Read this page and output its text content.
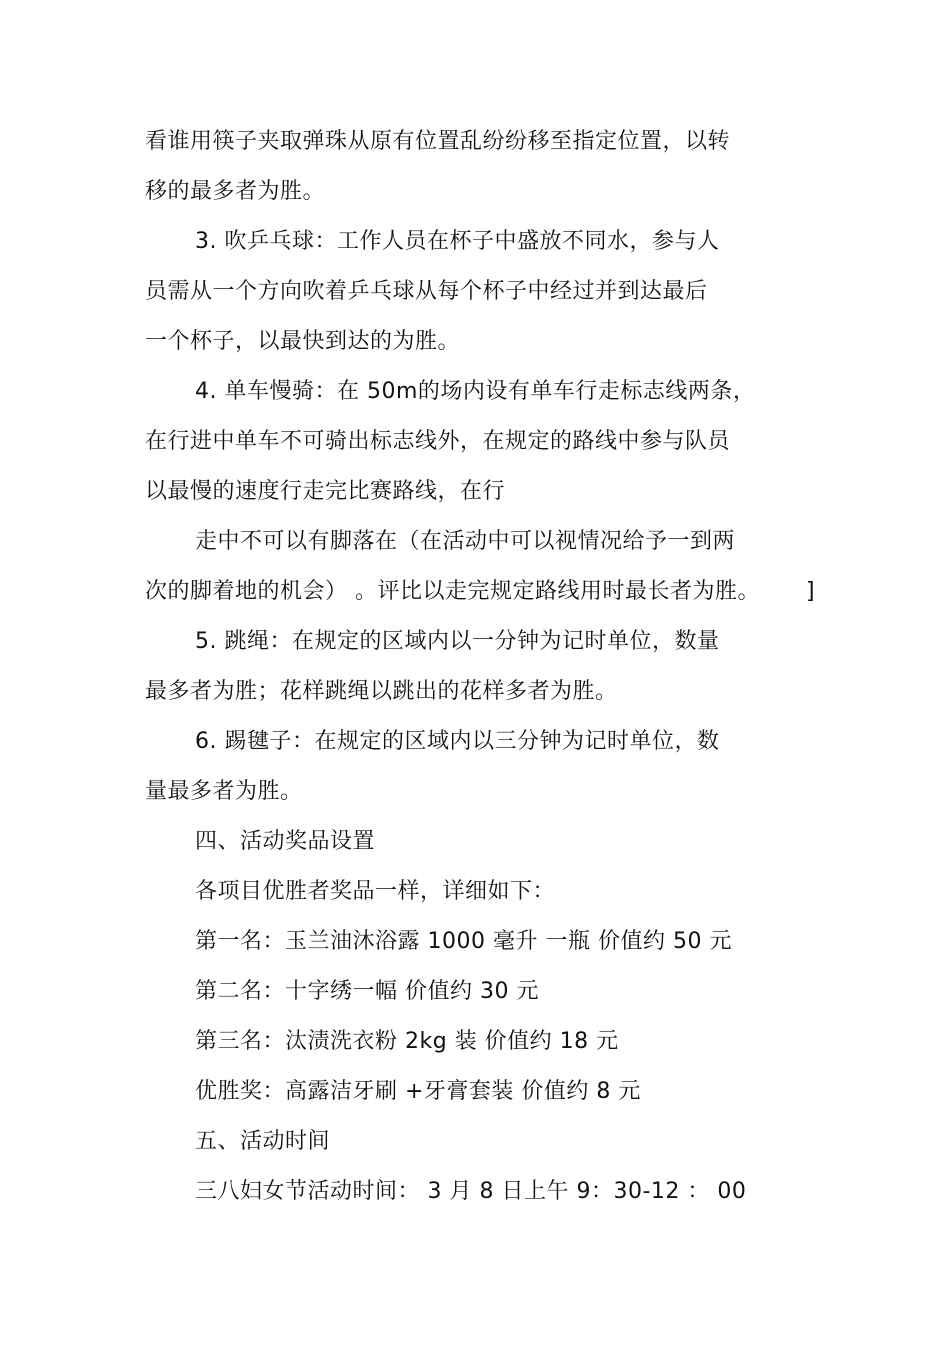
看谁用筷子夹取弹珠从原有位置乱纷纷移至指定位置，以转
移的最多者为胜。
3. 吹乒乓球：工作人员在杯子中盛放不同水，参与人
员需从一个方向吹着乒乓球从每个杯子中经过并到达最后
一个杯子，以最快到达的为胜。
4. 单车慢骑：在 50m的场内设有单车行走标志线两条，
在行进中单车不可骑出标志线外，在规定的路线中参与队员
以最慢的速度行走完比赛路线，在行
走中不可以有脚落在（在活动中可以视情况给予一到两
次的脚着地的机会） 。评比以走完规定路线用时最长者为胜。 ]
5. 跳绳：在规定的区域内以一分钟为记时单位，数量
最多者为胜；花样跳绳以跳出的花样多者为胜。
6. 踢毽子：在规定的区域内以三分钟为记时单位，数
量最多者为胜。
四、活动奖品设置
各项目优胜者奖品一样，详细如下：
第一名：玉兰油沐浴露 1000 毫升 一瓶 价值约 50 元
第二名：十字绣一幅 价值约 30 元
第三名：汰渍洗衣粉 2kg 装 价值约 18 元
优胜奖：高露洁牙刷 +牙膏套装 价值约 8 元
五、活动时间
三八妇女节活动时间： 3 月 8 日上午 9：30-12 ： 00
